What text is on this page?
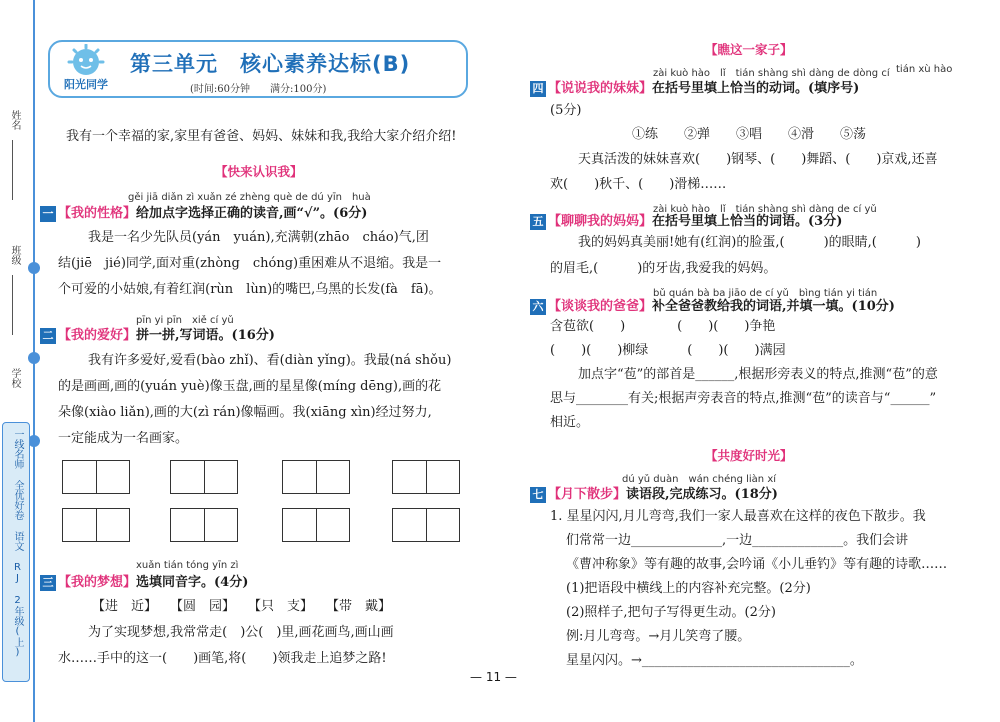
姓名
班级
学校
一线名师 全优好卷 语文 RJ 2年级(上)
阳光同学
第三单元　核心素养达标(B)
(时间:60分钟　　满分:100分)
我有一个幸福的家,家里有爸爸、妈妈、妹妹和我,我给大家介绍介绍!
【快来认识我】
gěi jiā diǎn zì xuǎn zé zhèng què de dú yīn　huà
一 【我的性格】给加点字选择正确的读音,画“√”。(6分)
我是一名少先队员(yán　yuán),充满朝(zhāo　cháo)气,团
结(jiē　jié)同学,面对重(zhòng　chóng)重困难从不退缩。我是一
个可爱的小姑娘,有着红润(rùn　lùn)的嘴巴,乌黑的长发(fà　fā)。
pīn yi pīn　xiě cí yǔ
二 【我的爱好】拼一拼,写词语。(16分)
我有许多爱好,爱看(bào zhǐ)、看(diàn yǐng)。我最(ná shǒu)
的是画画,画的(yuán yuè)像玉盘,画的星星像(míng dēng),画的花
朵像(xiào liǎn),画的大(zì rán)像幅画。我(xiāng xìn)经过努力,
一定能成为一名画家。
xuǎn tián tóng yīn zì
三 【我的梦想】选填同音字。(4分)
【进　近】　　【圆　园】　　【只　支】　　【带　戴】
为了实现梦想,我常常走(　)公(　)里,画花画鸟,画山画
水……手中的这一(　　)画笔,将(　　)领我走上追梦之路!
【瞧这一家子】
zài kuò hào　lǐ　tián shàng shì dàng de dòng cí tián xù hào
四 【说说我的妹妹】在括号里填上恰当的动词。(填序号)
(5分)
①练　　②弹　　③唱　　④滑　　⑤荡
天真活泼的妹妹喜欢(　　)钢琴、(　　)舞蹈、(　　)京戏,还喜
欢(　　)秋千、(　　)滑梯……
zài kuò hào　lǐ　tián shàng shì dàng de cí yǔ
五 【聊聊我的妈妈】在括号里填上恰当的词语。(3分)
我的妈妈真美丽!她有(红润)的脸蛋,(　　　)的眼睛,(　　　)
的眉毛,(　　　)的牙齿,我爱我的妈妈。
bǔ quán bà ba jiāo de cí yǔ　bìng tián yi tián
六 【谈谈我的爸爸】补全爸爸教给我的词语,并填一填。(10分)
含苞欲(　　)　　　　(　　)(　　)争艳
(　　)(　　)柳绿　　　(　　)(　　)满园
加点字“苞”的部首是______,根据形旁表义的特点,推测“苞”的意
思与________有关;根据声旁表音的特点,推测“苞”的读音与“______”
相近。
【共度好时光】
dú yǔ duàn　wán chéng liàn xí
七 【月下散步】读语段,完成练习。(18分)
1. 星星闪闪,月儿弯弯,我们一家人最喜欢在这样的夜色下散步。我
们常常一边______________,一边______________。我们会讲
《曹冲称象》等有趣的故事,会吟诵《小儿垂钓》等有趣的诗歌……
(1)把语段中横线上的内容补充完整。(2分)
(2)照样子,把句子写得更生动。(2分)
例:月儿弯弯。→月儿笑弯了腰。
星星闪闪。→________________________________。
— 11 —
